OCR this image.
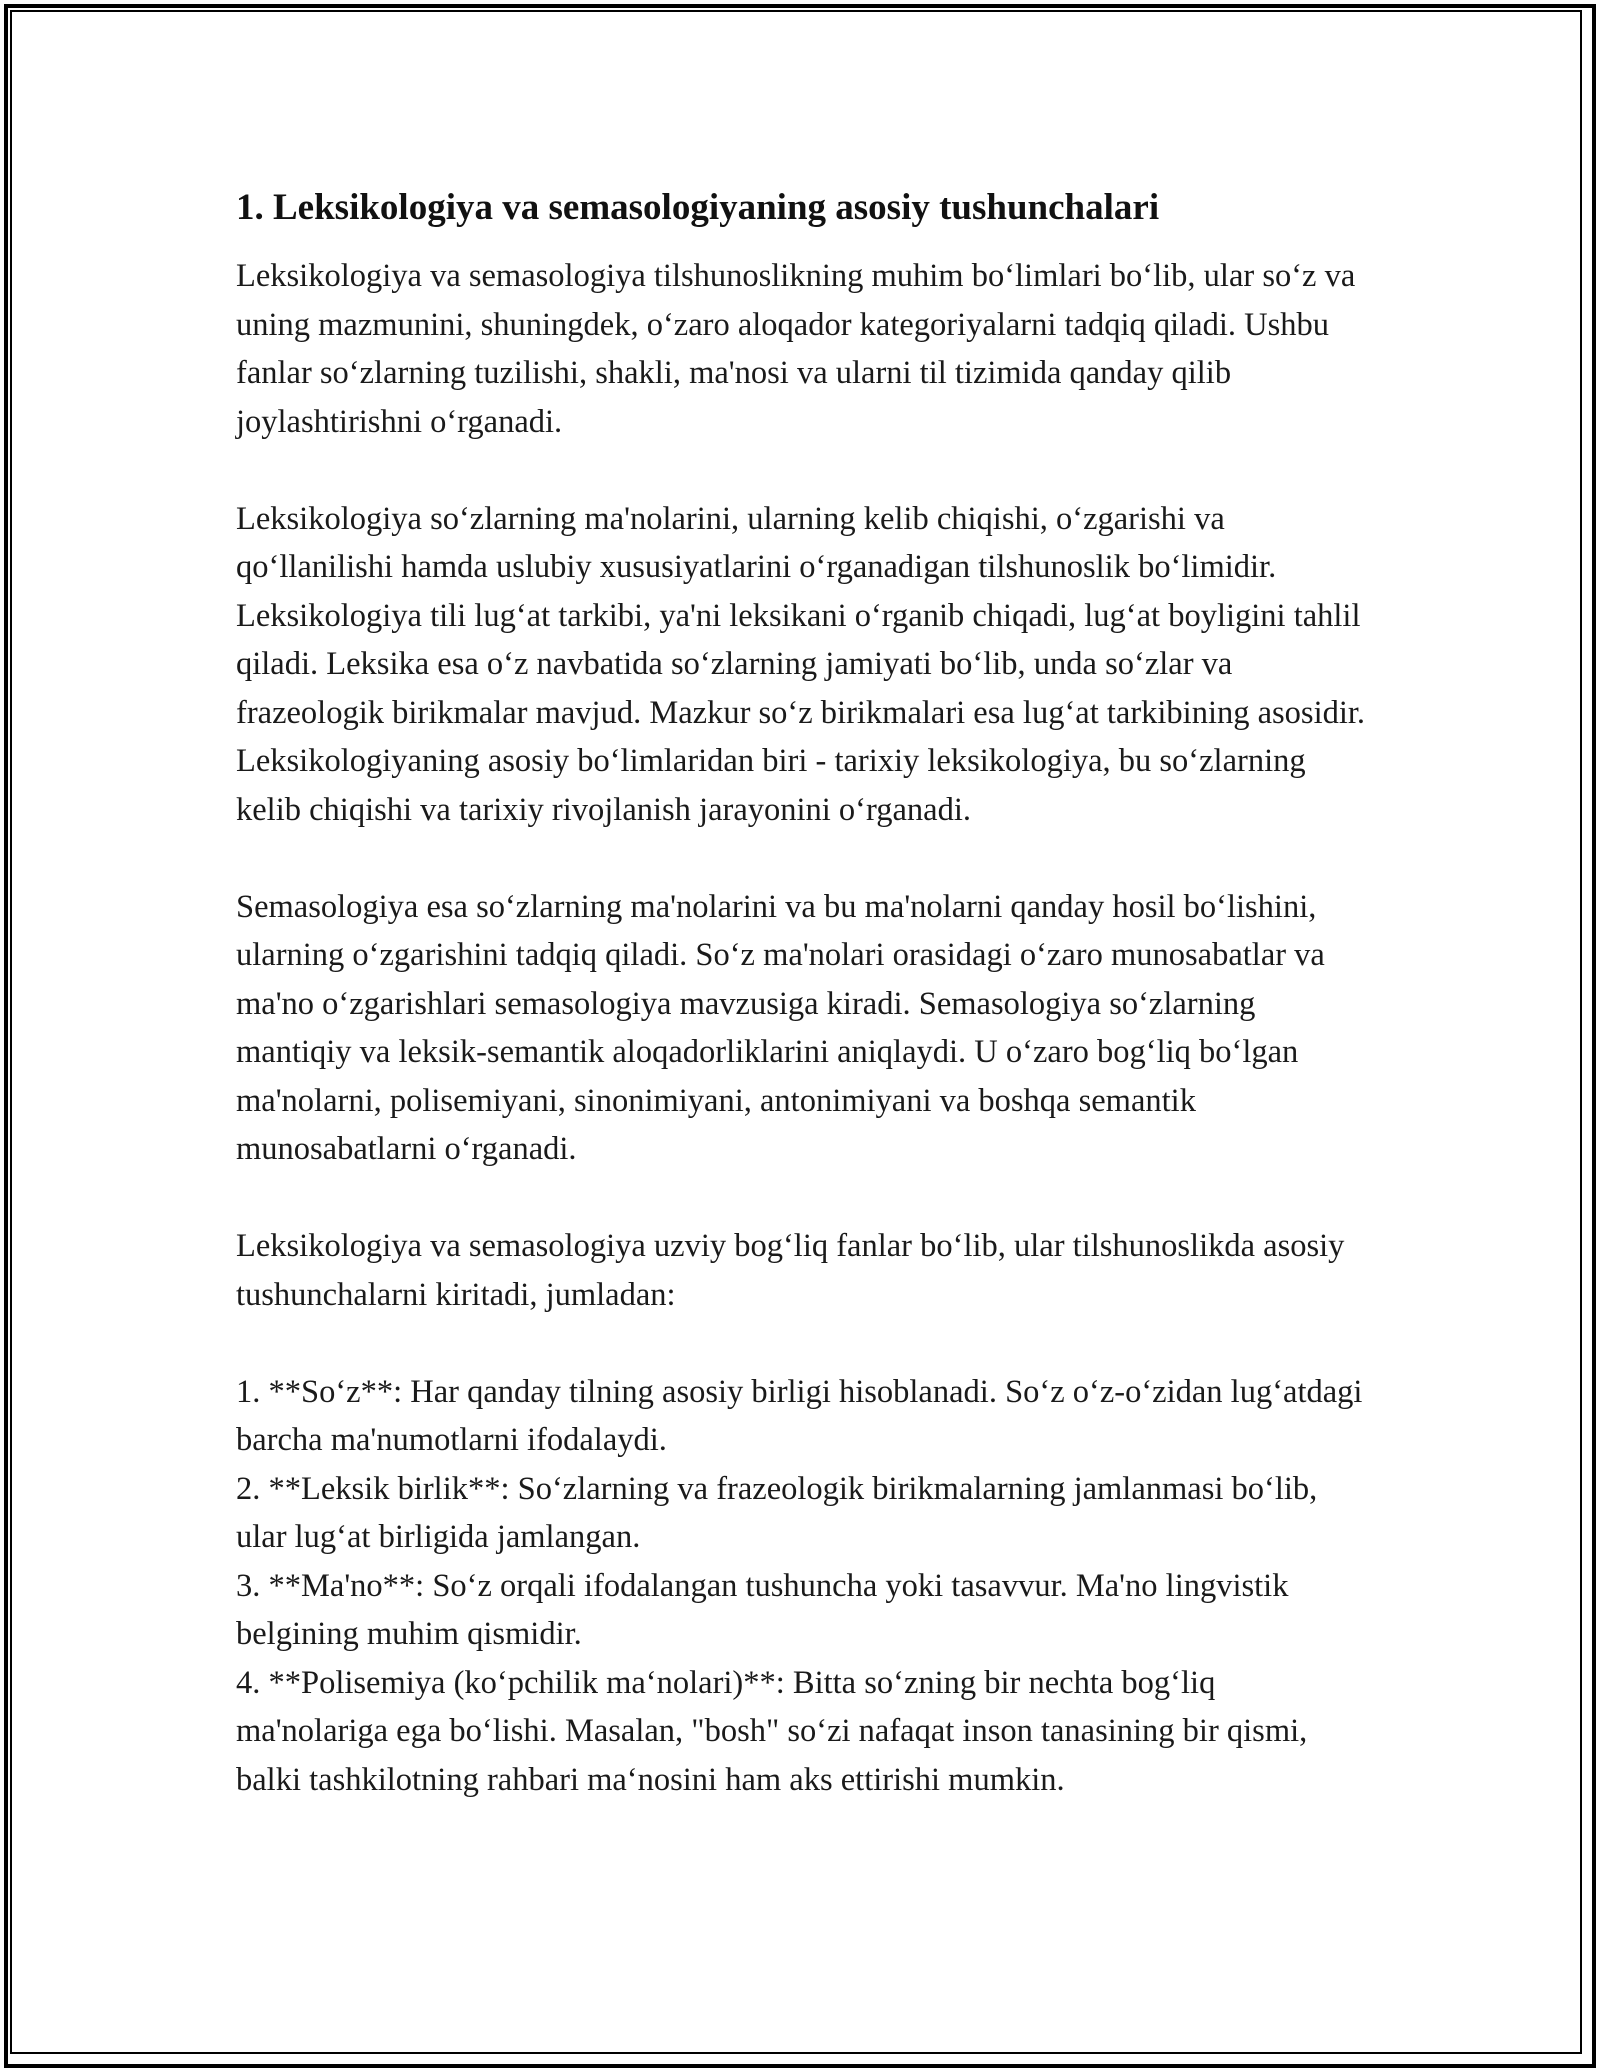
1. Leksikologiya va semasologiyaning asosiy tushunchalari

Leksikologiya va semasologiya tilshunoslikning muhim bo‘limlari bo‘lib, ular so‘z va uning mazmunini, shuningdek, o‘zaro aloqador kategoriyalarni tadqiq qiladi. Ushbu fanlar so‘zlarning tuzilishi, shakli, ma'nosi va ularni til tizimida qanday qilib joylashtirishni o‘rganadi.

Leksikologiya so‘zlarning ma'nolarini, ularning kelib chiqishi, o‘zgarishi va qo‘llanilishi hamda uslubiy xususiyatlarini o‘rganadigan tilshunoslik bo‘limidir. Leksikologiya tili lug‘at tarkibi, ya'ni leksikani o‘rganib chiqadi, lug‘at boyligini tahlil qiladi. Leksika esa o‘z navbatida so‘zlarning jamiyati bo‘lib, unda so‘zlar va frazeologik birikmalar mavjud. Mazkur so‘z birikmalari esa lug‘at tarkibining asosidir. Leksikologiyaning asosiy bo‘limlaridan biri - tarixiy leksikologiya, bu so‘zlarning kelib chiqishi va tarixiy rivojlanish jarayonini o‘rganadi.

Semasologiya esa so‘zlarning ma'nolarini va bu ma'nolarni qanday hosil bo‘lishini, ularning o‘zgarishini tadqiq qiladi. So‘z ma'nolari orasidagi o‘zaro munosabatlar va ma'no o‘zgarishlari semasologiya mavzusiga kiradi. Semasologiya so‘zlarning mantiqiy va leksik-semantik aloqadorliklarini aniqlaydi. U o‘zaro bog‘liq bo‘lgan ma'nolarni, polisemiyani, sinonimiyani, antonimiyani va boshqa semantik munosabatlarni o‘rganadi.

Leksikologiya va semasologiya uzviy bog‘liq fanlar bo‘lib, ular tilshunoslikda asosiy tushunchalarni kiritadi, jumladan:

1. **So‘z**: Har qanday tilning asosiy birligi hisoblanadi. So‘z o‘z-o‘zidan lug‘atdagi barcha ma'numotlarni ifodalaydi.
2. **Leksik birlik**: So‘zlarning va frazeologik birikmalarning jamlanmasi bo‘lib, ular lug‘at birligida jamlangan.
3. **Ma'no**: So‘z orqali ifodalangan tushuncha yoki tasavvur. Ma'no lingvistik belgining muhim qismidir.
4. **Polisemiya (ko‘pchilik ma‘nolari)**: Bitta so‘zning bir nechta bog‘liq ma'nolariga ega bo‘lishi. Masalan, "bosh" so‘zi nafaqat inson tanasining bir qismi, balki tashkilotning rahbari ma‘nosini ham aks ettirishi mumkin.
